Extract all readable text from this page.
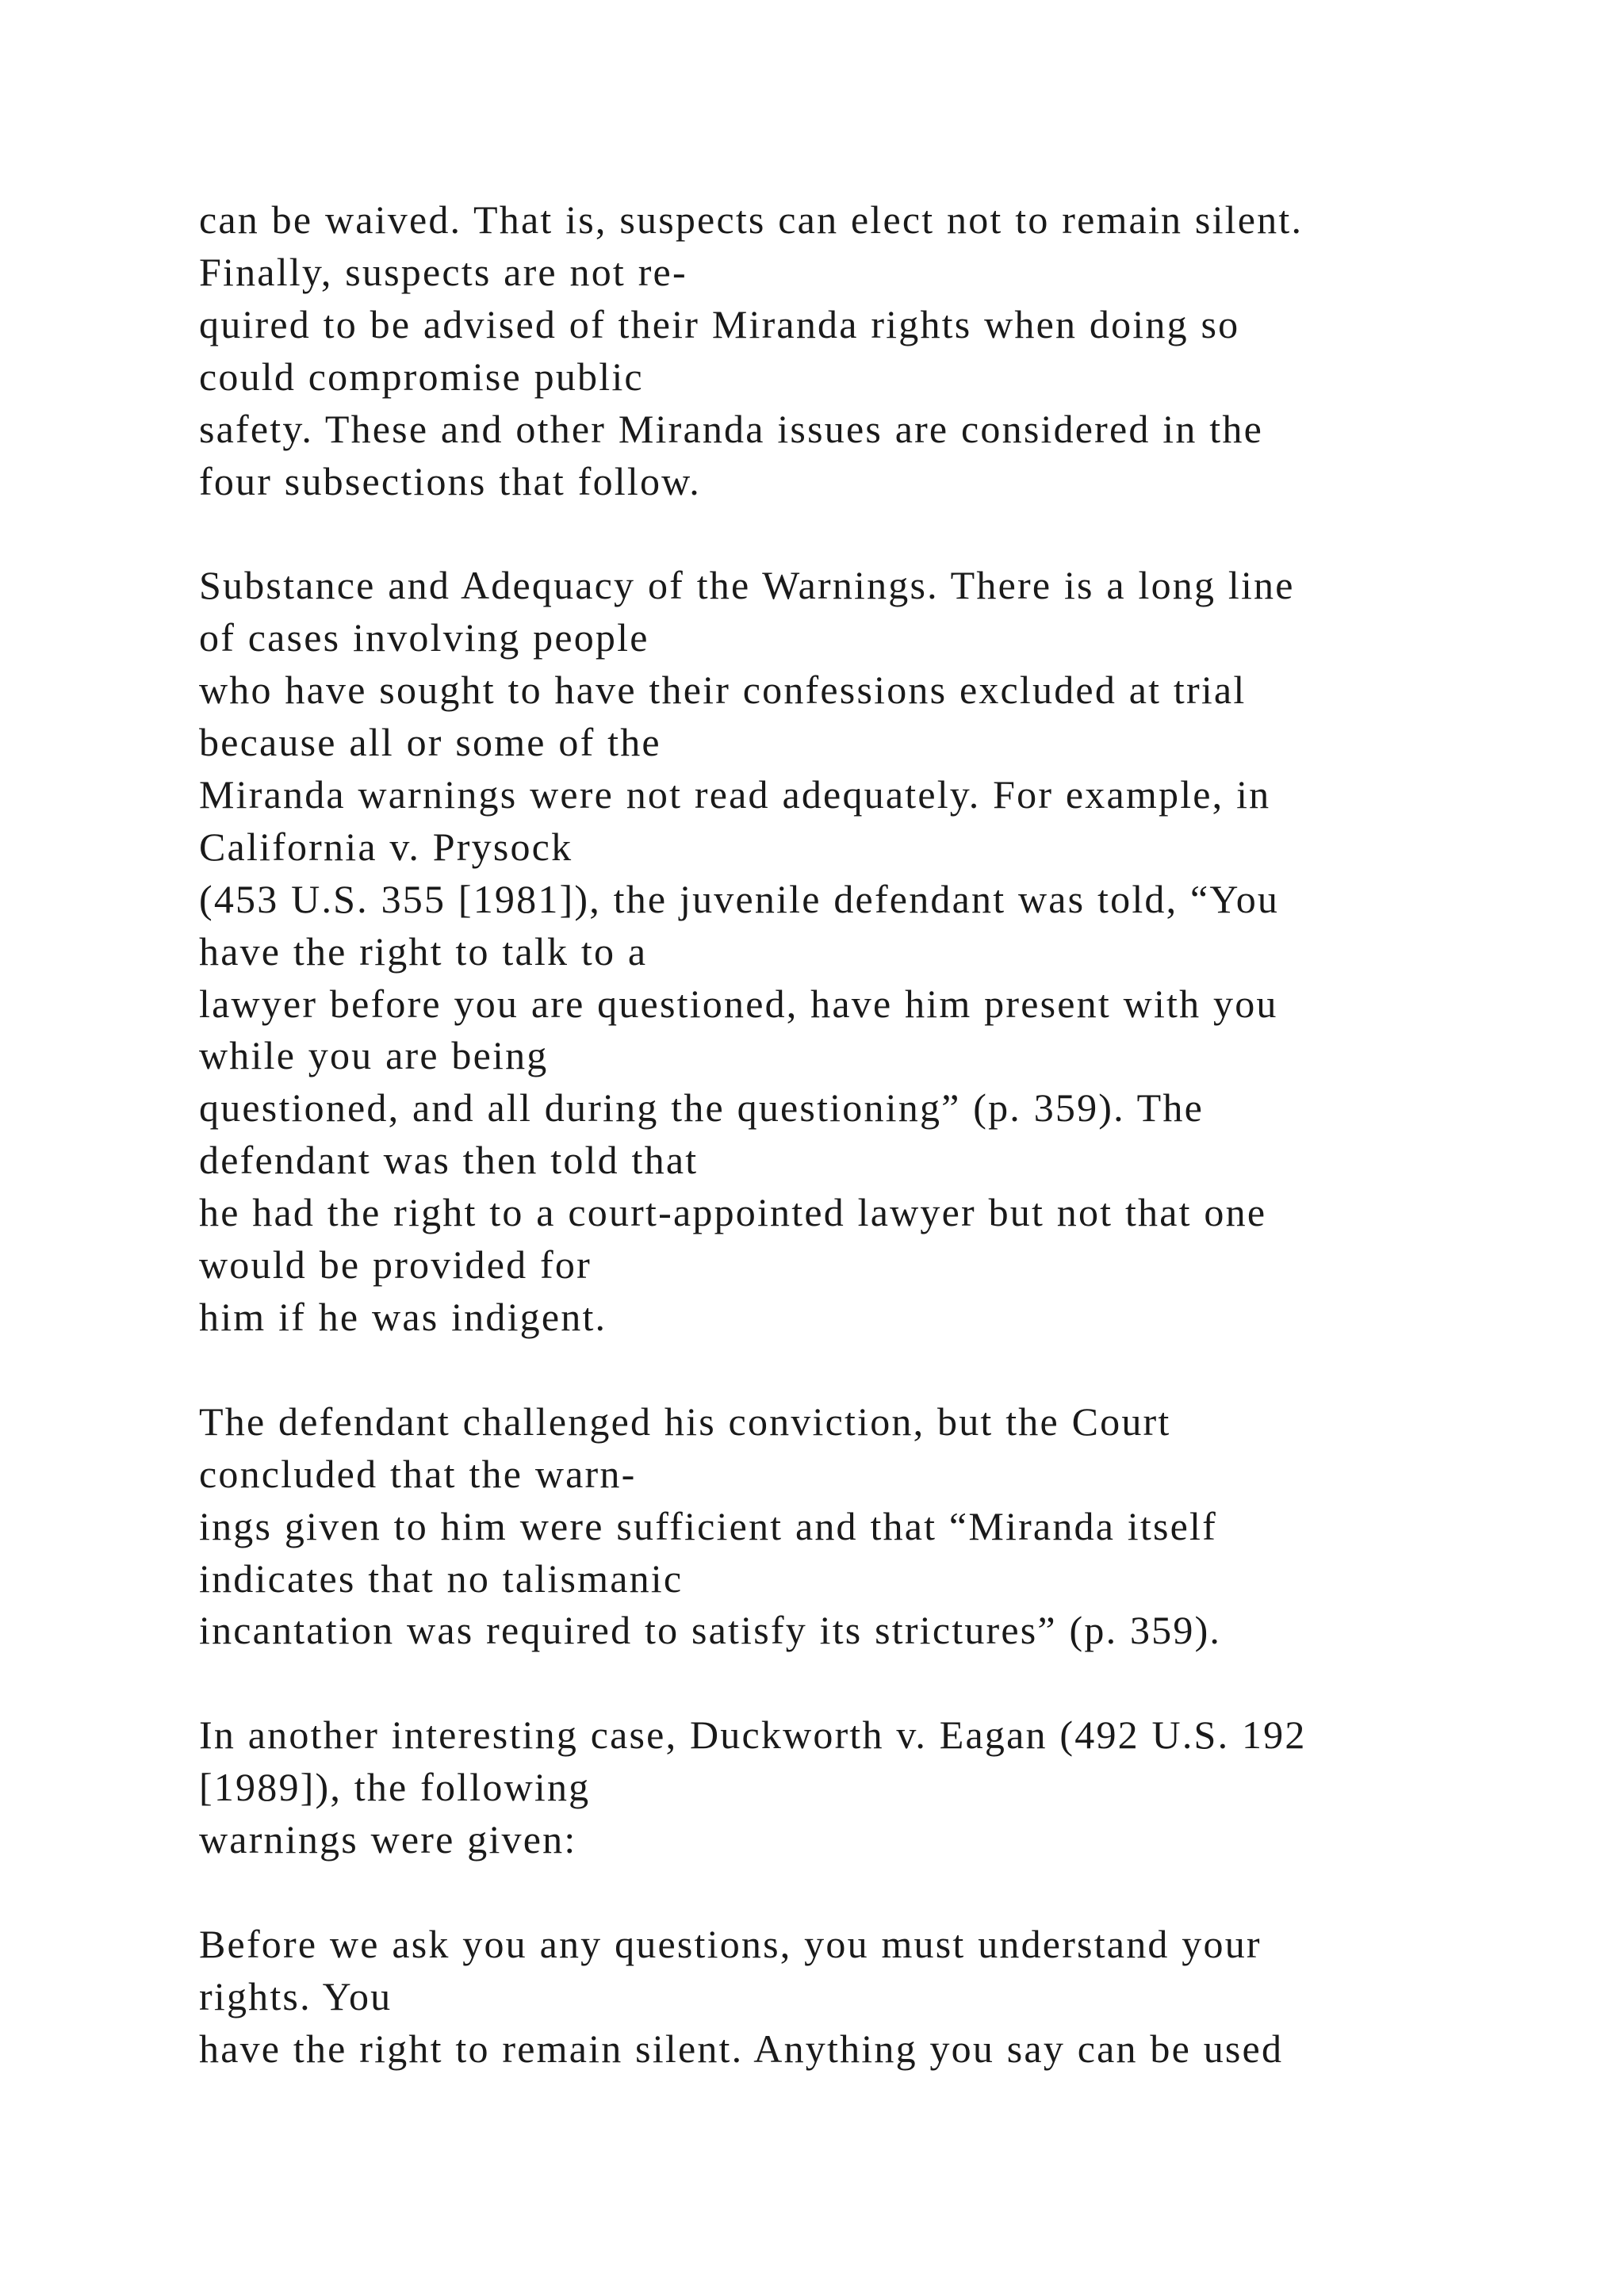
can be waived. That is, suspects can elect not to remain silent.
Finally, suspects are not re-
quired to be advised of their Miranda rights when doing so
could compromise public
safety. These and other Miranda issues are considered in the
four subsections that follow.
Substance and Adequacy of the Warnings. There is a long line
of cases involving people
who have sought to have their confessions excluded at trial
because all or some of the
Miranda warnings were not read adequately. For example, in
California v. Prysock
(453 U.S. 355 [1981]), the juvenile defendant was told, “You
have the right to talk to a
lawyer before you are questioned, have him present with you
while you are being
questioned, and all during the questioning” (p. 359). The
defendant was then told that
he had the right to a court-appointed lawyer but not that one
would be provided for
him if he was indigent.
The defendant challenged his conviction, but the Court
concluded that the warn-
ings given to him were sufficient and that “Miranda itself
indicates that no talismanic
incantation was required to satisfy its strictures” (p. 359).
In another interesting case, Duckworth v. Eagan (492 U.S. 192
[1989]), the following
warnings were given:
Before we ask you any questions, you must understand your
rights. You
have the right to remain silent. Anything you say can be used
